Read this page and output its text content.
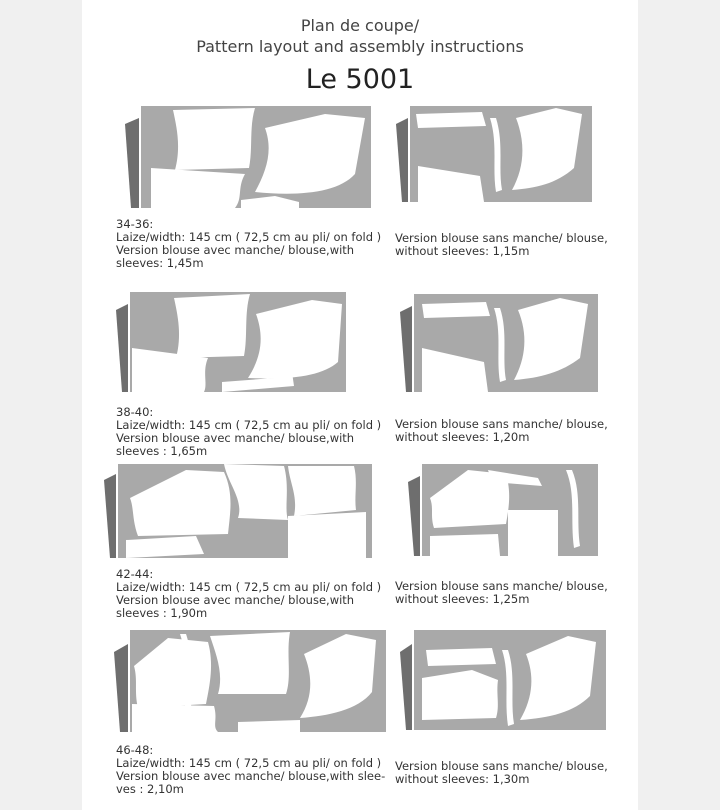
Plan de coupe/
Pattern layout and assembly instructions
Le 5001
34-36:
Laize/width: 145 cm ( 72,5 cm au pli/ on fold )
Version blouse avec manche/ blouse,with
sleeves: 1,45m
Version blouse sans manche/ blouse,
without sleeves: 1,15m
38-40:
Laize/width: 145 cm ( 72,5 cm au pli/ on fold )
Version blouse avec manche/ blouse,with
sleeves : 1,65m
Version blouse sans manche/ blouse,
without sleeves: 1,20m
42-44:
Laize/width: 145 cm ( 72,5 cm au pli/ on fold )
Version blouse avec manche/ blouse,with
sleeves : 1,90m
Version blouse sans manche/ blouse,
without sleeves: 1,25m
46-48:
Laize/width: 145 cm ( 72,5 cm au pli/ on fold )
Version blouse avec manche/ blouse,with slee-
ves : 2,10m
Version blouse sans manche/ blouse,
without sleeves: 1,30m
